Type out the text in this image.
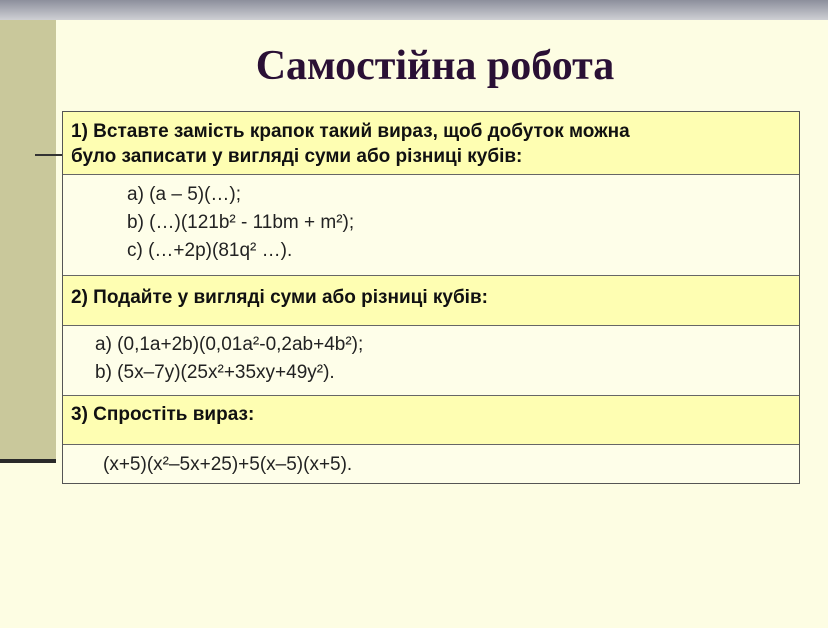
Самостійна робота
1) Вставте замість крапок такий вираз, щоб добуток можна
було записати у вигляді суми або різниці кубів:
а) (a – 5)(…);
b) (…)(121b² - 11bm + m²);
c) (…+2p)(81q² …).
2) Подайте у вигляді суми або різниці кубів:
а) (0,1a+2b)(0,01a²-0,2ab+4b²);
b) (5x–7y)(25x²+35xy+49y²).
3) Спростіть вираз:
(x+5)(x²–5x+25)+5(x–5)(x+5).
